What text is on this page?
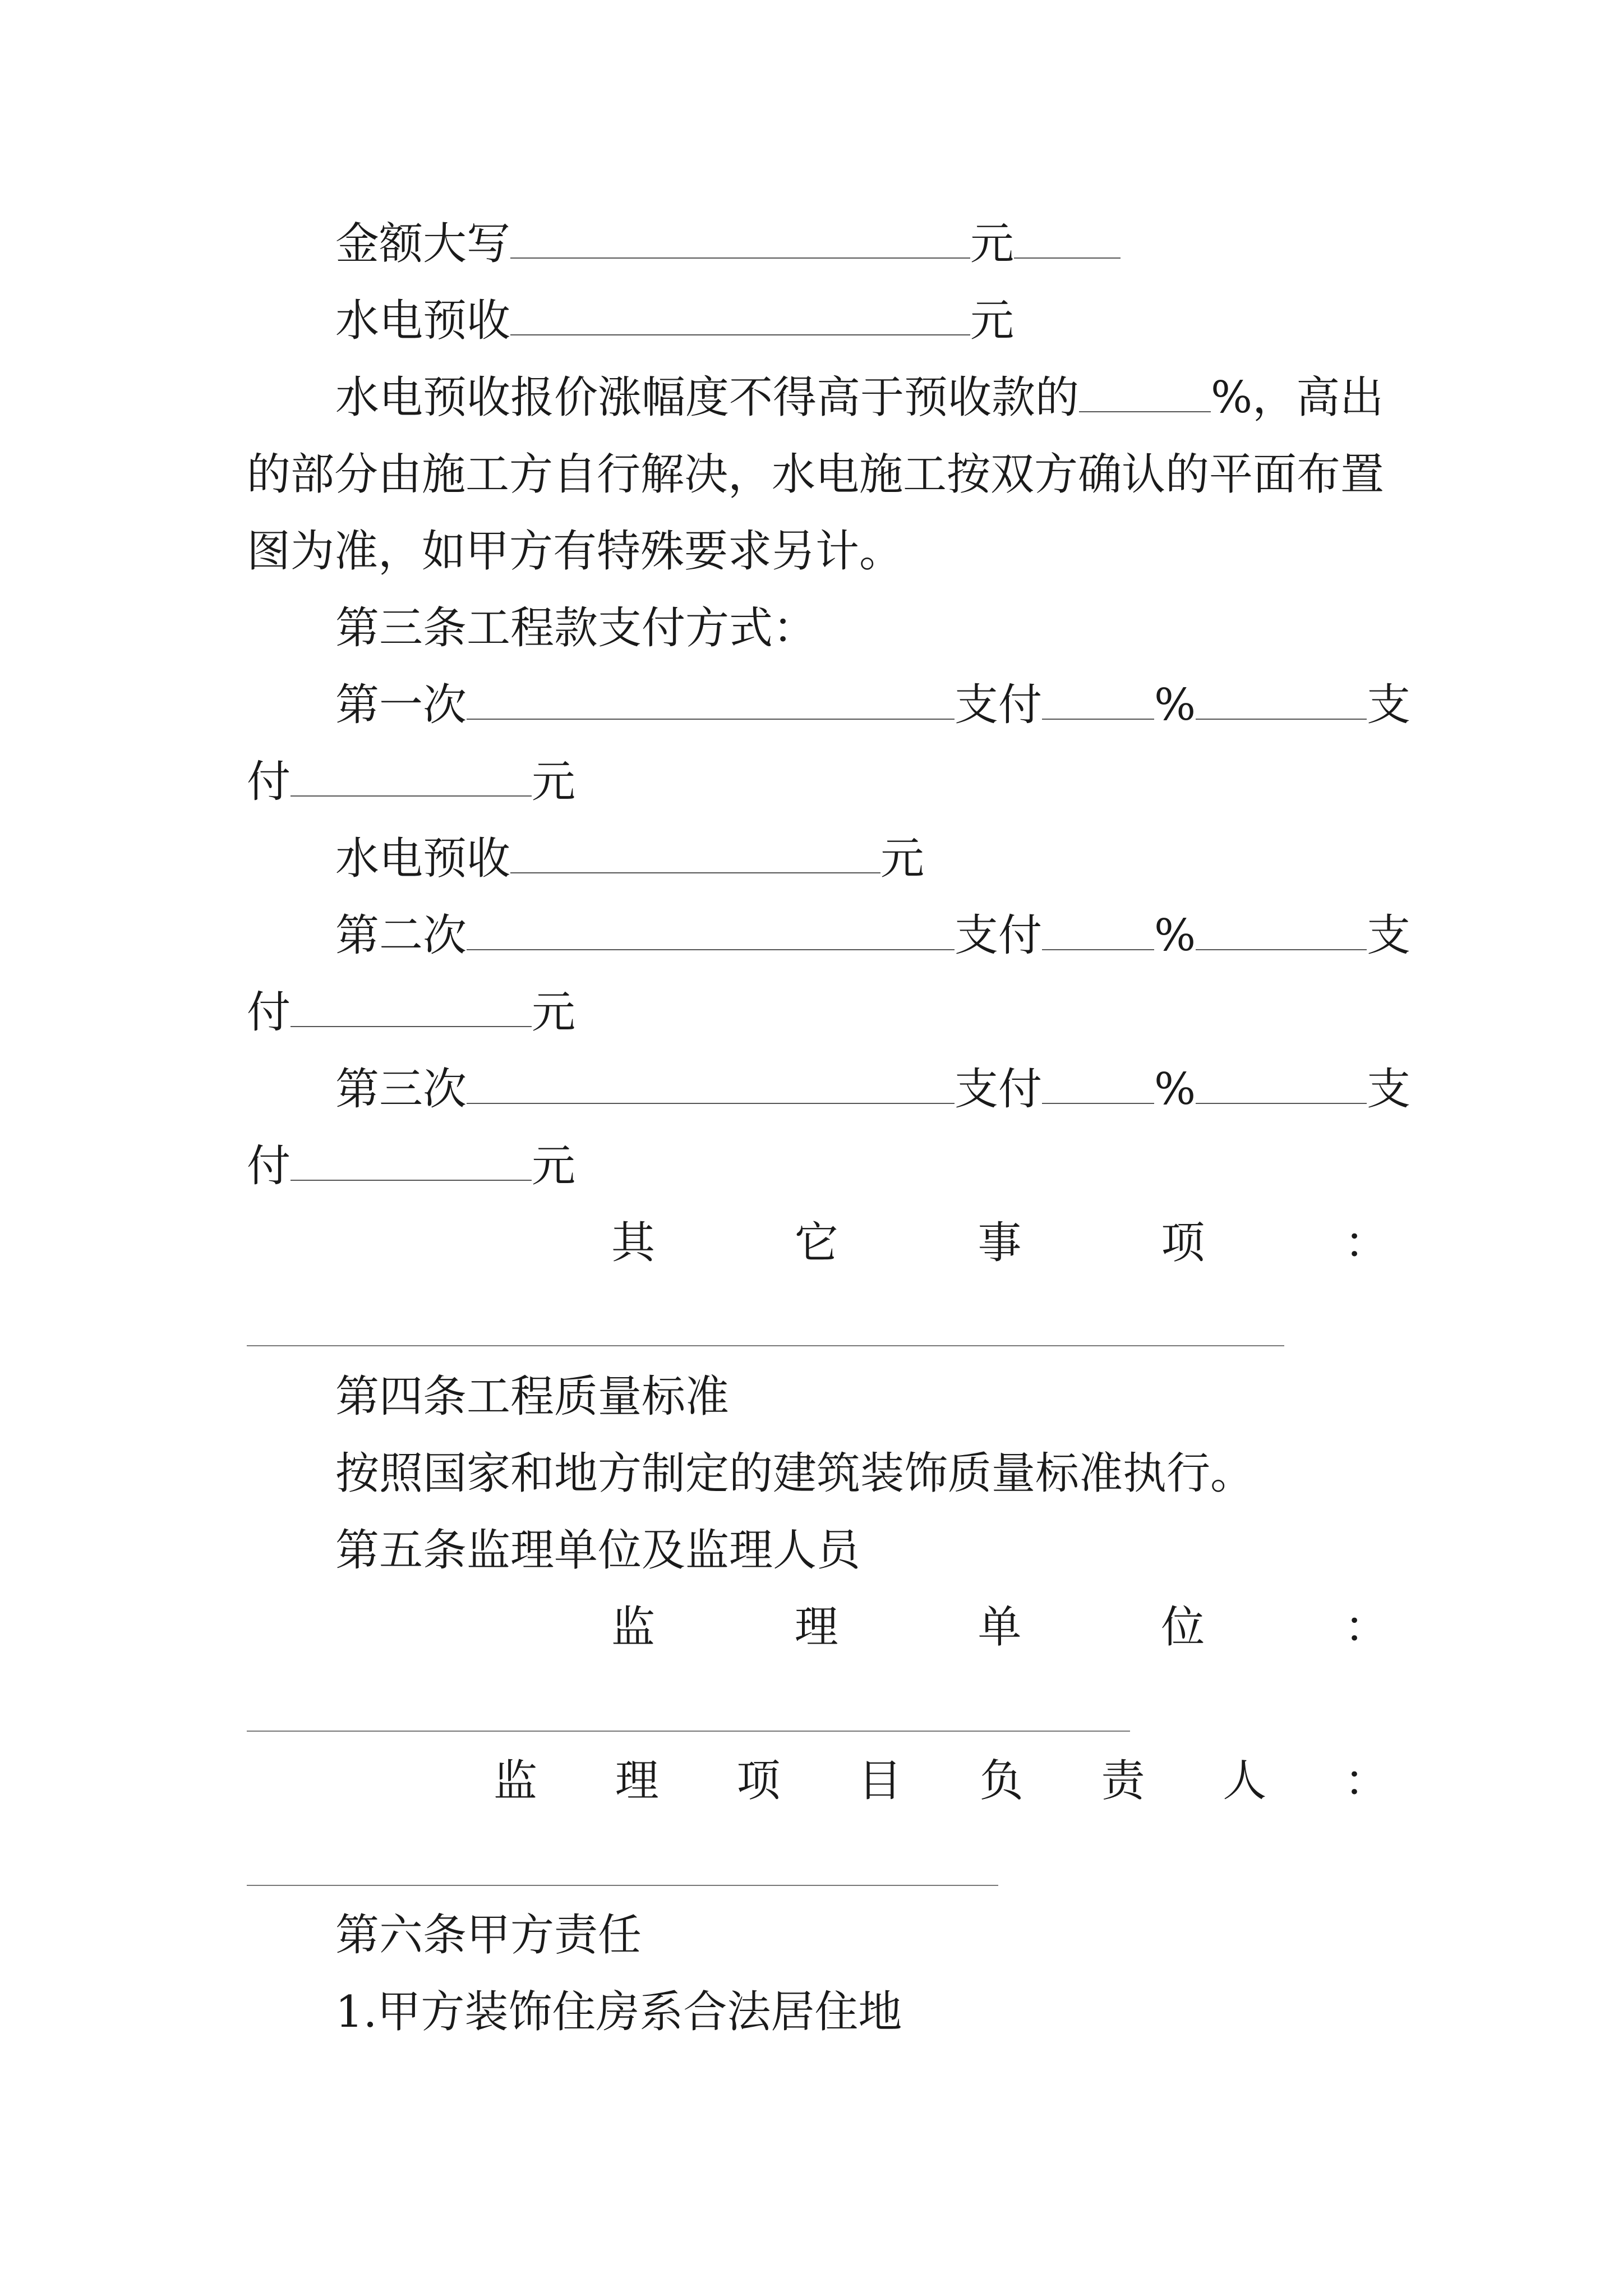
金额大写	元
水电预收	元
水电预收报价涨幅度不得高于预收款的	%，高出
的部分由施工方自行解决，水电施工按双方确认的平面布置
图为准，如甲方有特殊要求另计。
第三条工程款支付方式：
第一次	支付	%	支
付	元
水电预收	元
第二次	支付	%	支
付	元
第三次	支付	%	支
付	元
其	它	事	项	：
第四条工程质量标准
按照国家和地方制定的建筑装饰质量标准执行。
第五条监理单位及监理人员
监	理	单	位	：
监 理 项 目 负 责 人 ：
第六条甲方责任
1.甲方装饰住房系合法居住地
